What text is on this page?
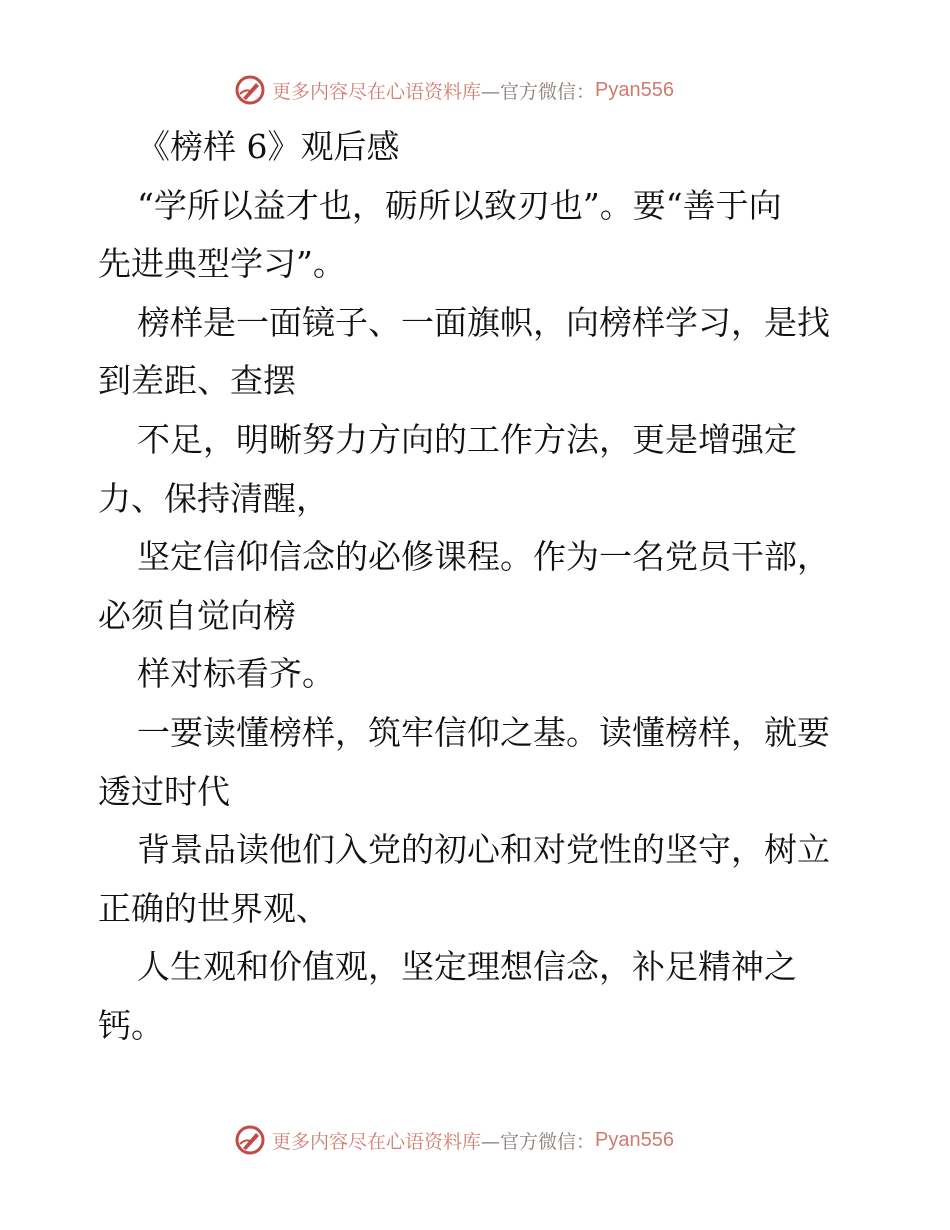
更多内容尽在心语资料库 —官方微信： Pyan556
《榜样 6》观后感
“学所以益才也，砺所以致刃也”。要“善于向
先进典型学习”。
榜样是一面镜子、一面旗帜，向榜样学习，是找
到差距、查摆
不足，明晰努力方向的工作方法，更是增强定
力、保持清醒，
坚定信仰信念的必修课程。作为一名党员干部，
必须自觉向榜
样对标看齐。
一要读懂榜样，筑牢信仰之基。读懂榜样，就要
透过时代
背景品读他们入党的初心和对党性的坚守，树立
正确的世界观、
人生观和价值观，坚定理想信念，补足精神之
钙。
更多内容尽在心语资料库 —官方微信： Pyan556
